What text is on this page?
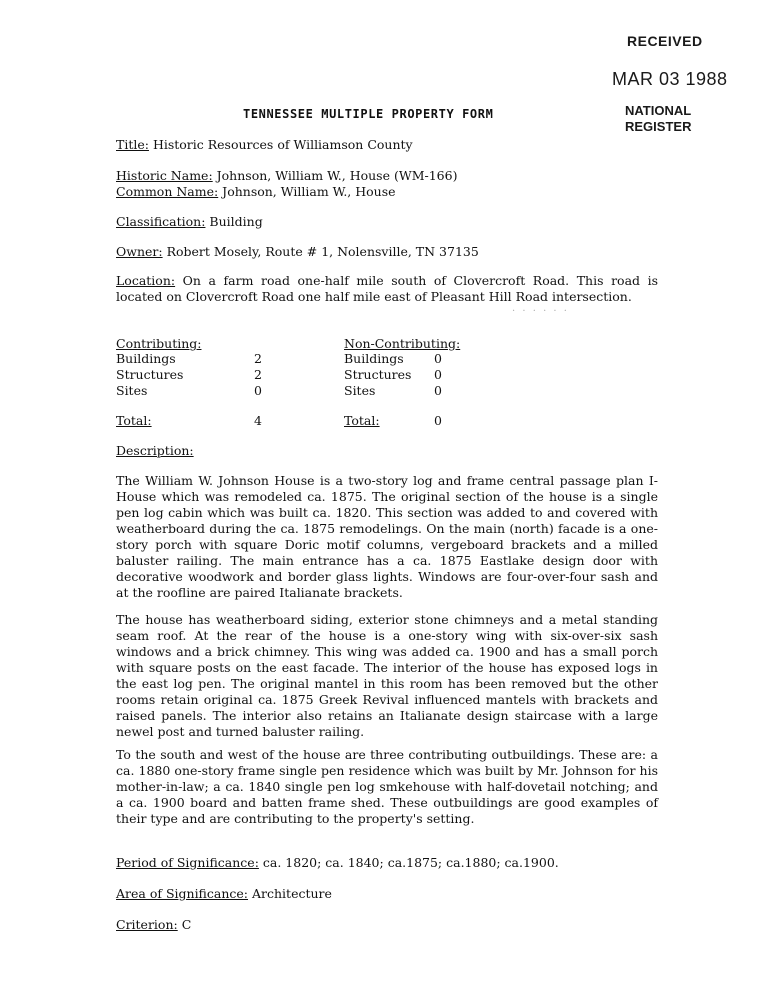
RECEIVED
MAR 03 1988
NATIONAL
REGISTER
TENNESSEE MULTIPLE PROPERTY FORM
Title: Historic Resources of Williamson County
Historic Name: Johnson, William W., House (WM-166)
Common Name: Johnson, William W., House
Classification: Building
Owner: Robert Mosely, Route # 1, Nolensville, TN 37135
Location: On a farm road one-half mile south of Clovercroft Road. This road is located on Clovercroft Road one half mile east of Pleasant Hill Road intersection.
· · · · · ·
Contributing:
Buildings	2
Structures	2
Sites	0
Total:	4
Non-Contributing:
Buildings 0
Structures 0
Sites	0
Total:	0
Description:
The William W. Johnson House is a two-story log and frame central passage plan I-House which was remodeled ca. 1875. The original section of the house is a single pen log cabin which was built ca. 1820. This section was added to and covered with weatherboard during the ca. 1875 remodelings. On the main (north) facade is a one-story porch with square Doric motif columns, vergeboard brackets and a milled baluster railing. The main entrance has a ca. 1875 Eastlake design door with decorative woodwork and border glass lights. Windows are four-over-four sash and at the roofline are paired Italianate brackets.
The house has weatherboard siding, exterior stone chimneys and a metal standing seam roof. At the rear of the house is a one-story wing with six-over-six sash windows and a brick chimney. This wing was added ca. 1900 and has a small porch with square posts on the east facade. The interior of the house has exposed logs in the east log pen. The original mantel in this room has been removed but the other rooms retain original ca. 1875 Greek Revival influenced mantels with brackets and raised panels. The interior also retains an Italianate design staircase with a large newel post and turned baluster railing.
To the south and west of the house are three contributing outbuildings. These are: a ca. 1880 one-story frame single pen residence which was built by Mr. Johnson for his mother-in-law; a ca. 1840 single pen log smkehouse with half-dovetail notching; and a ca. 1900 board and batten frame shed. These outbuildings are good examples of their type and are contributing to the property's setting.
Period of Significance: ca. 1820; ca. 1840; ca.1875; ca.1880; ca.1900.
Area of Significance: Architecture
Criterion: C
